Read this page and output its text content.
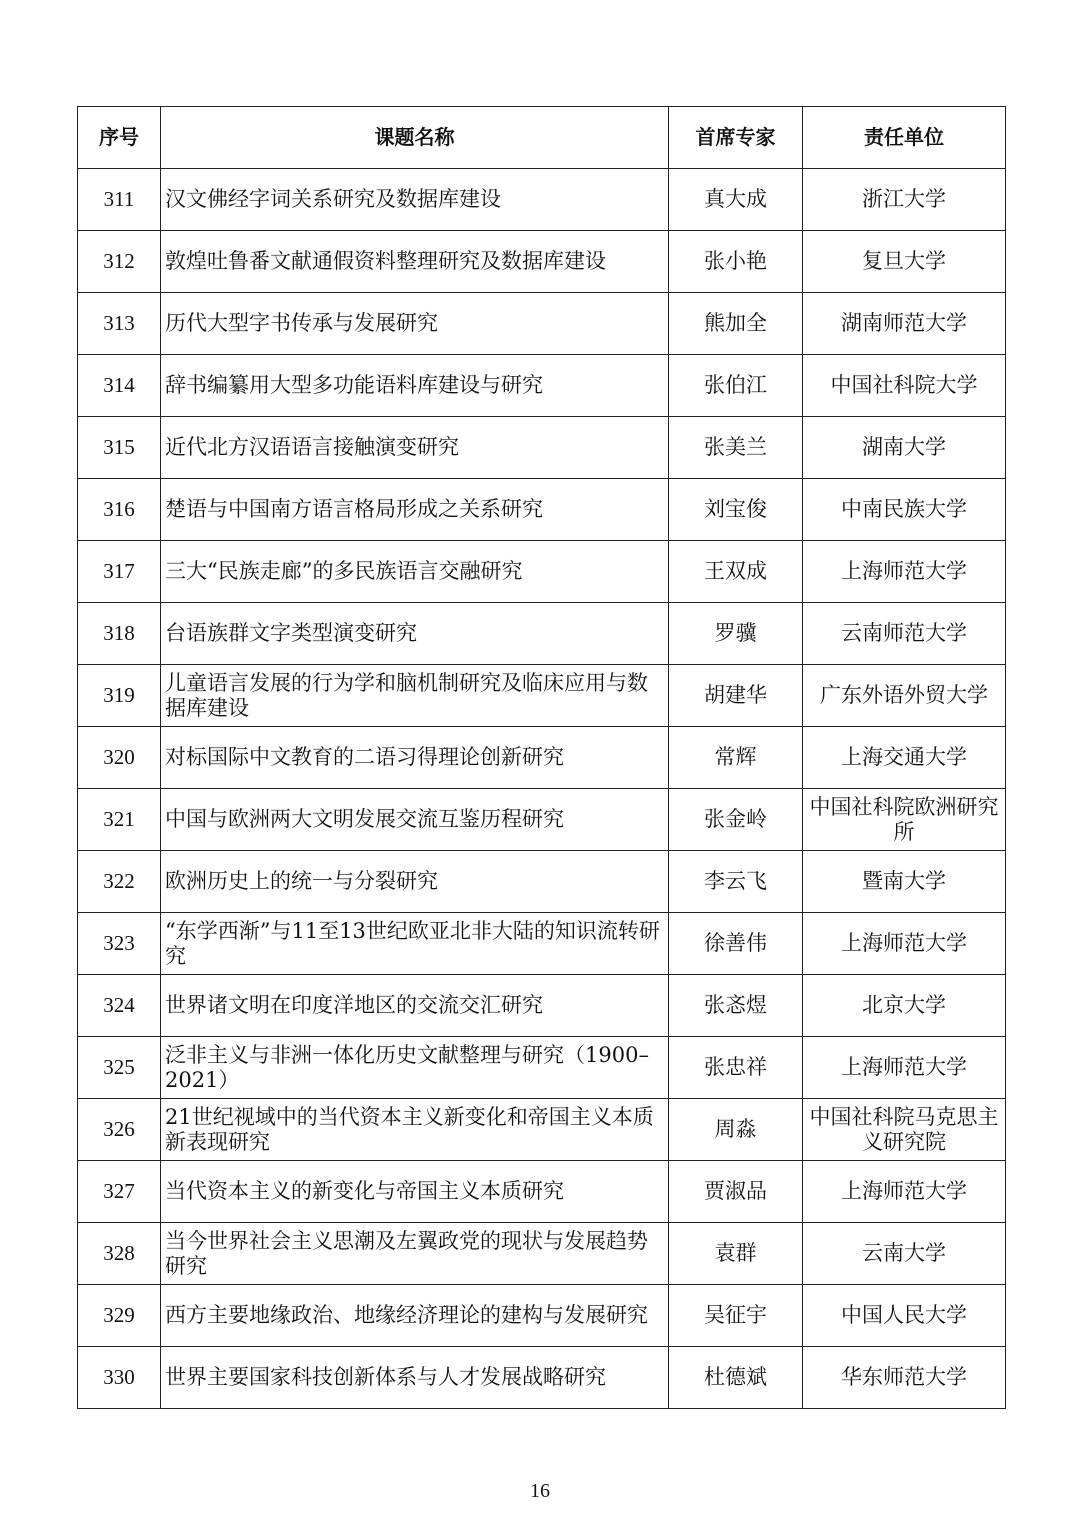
序号	课题名称	首席专家	责任单位
311	汉文佛经字词关系研究及数据库建设	真大成	浙江大学
312	敦煌吐鲁番文献通假资料整理研究及数据库建设	张小艳	复旦大学
313	历代大型字书传承与发展研究	熊加全	湖南师范大学
314	辞书编纂用大型多功能语料库建设与研究	张伯江	中国社科院大学
315	近代北方汉语语言接触演变研究	张美兰	湖南大学
316	楚语与中国南方语言格局形成之关系研究	刘宝俊	中南民族大学
317	三大“民族走廊”的多民族语言交融研究	王双成	上海师范大学
318	台语族群文字类型演变研究	罗骥	云南师范大学
319	儿童语言发展的行为学和脑机制研究及临床应用与数据库建设	胡建华	广东外语外贸大学
320	对标国际中文教育的二语习得理论创新研究	常辉	上海交通大学
321	中国与欧洲两大文明发展交流互鉴历程研究	张金岭	中国社科院欧洲研究所
322	欧洲历史上的统一与分裂研究	李云飞	暨南大学
323	“东学西渐”与11至13世纪欧亚北非大陆的知识流转研究	徐善伟	上海师范大学
324	世界诸文明在印度洋地区的交流交汇研究	张忞煜	北京大学
325	泛非主义与非洲一体化历史文献整理与研究（1900–2021）	张忠祥	上海师范大学
326	21世纪视域中的当代资本主义新变化和帝国主义本质新表现研究	周淼	中国社科院马克思主义研究院
327	当代资本主义的新变化与帝国主义本质研究	贾淑品	上海师范大学
328	当今世界社会主义思潮及左翼政党的现状与发展趋势研究	袁群	云南大学
329	西方主要地缘政治、地缘经济理论的建构与发展研究	吴征宇	中国人民大学
330	世界主要国家科技创新体系与人才发展战略研究	杜德斌	华东师范大学
16
